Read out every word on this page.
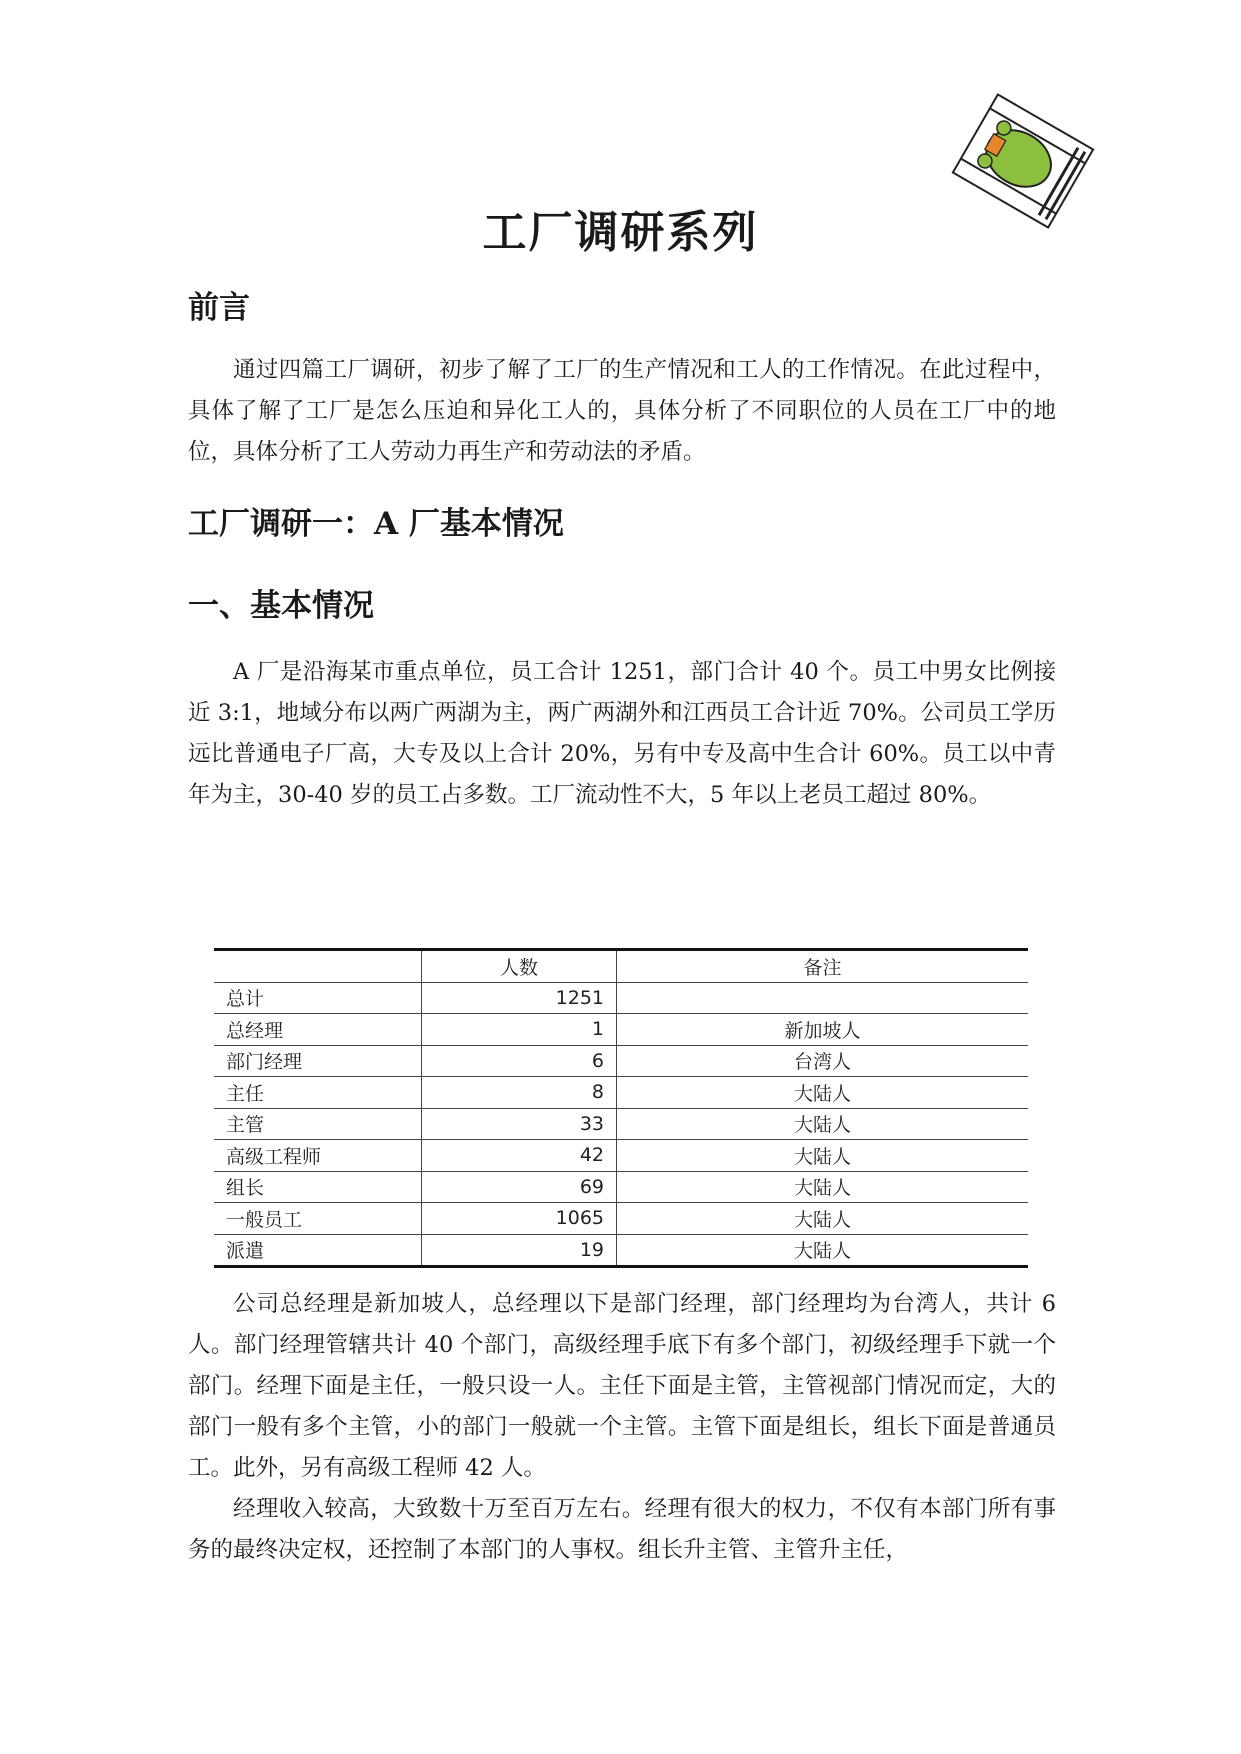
工厂调研系列
前言

通过四篇工厂调研，初步了解了工厂的生产情况和工人的工作情况。在此过程中，具体了解了工厂是怎么压迫和异化工人的，具体分析了不同职位的人员在工厂中的地位，具体分析了工人劳动力再生产和劳动法的矛盾。

工厂调研一：A 厂基本情况
一、基本情况

A 厂是沿海某市重点单位，员工合计 1251，部门合计 40 个。员工中男女比例接近 3:1，地域分布以两广两湖为主，两广两湖外和江西员工合计近 70%。公司员工学历远比普通电子厂高，大专及以上合计 20%，另有中专及高中生合计 60%。员工以中青年为主，30-40 岁的员工占多数。工厂流动性不大，5 年以上老员工超过 80%。

	人数	备注
总计	1251	
总经理	1	新加坡人
部门经理	6	台湾人
主任	8	大陆人
主管	33	大陆人
高级工程师	42	大陆人
组长	69	大陆人
一般员工	1065	大陆人
派遣	19	大陆人

公司总经理是新加坡人，总经理以下是部门经理，部门经理均为台湾人，共计 6 人。部门经理管辖共计 40 个部门，高级经理手底下有多个部门，初级经理手下就一个部门。经理下面是主任，一般只设一人。主任下面是主管，主管视部门情况而定，大的部门一般有多个主管，小的部门一般就一个主管。主管下面是组长，组长下面是普通员工。此外，另有高级工程师 42 人。

经理收入较高，大致数十万至百万左右。经理有很大的权力，不仅有本部门所有事务的最终决定权，还控制了本部门的人事权。组长升主管、主管升主任，
